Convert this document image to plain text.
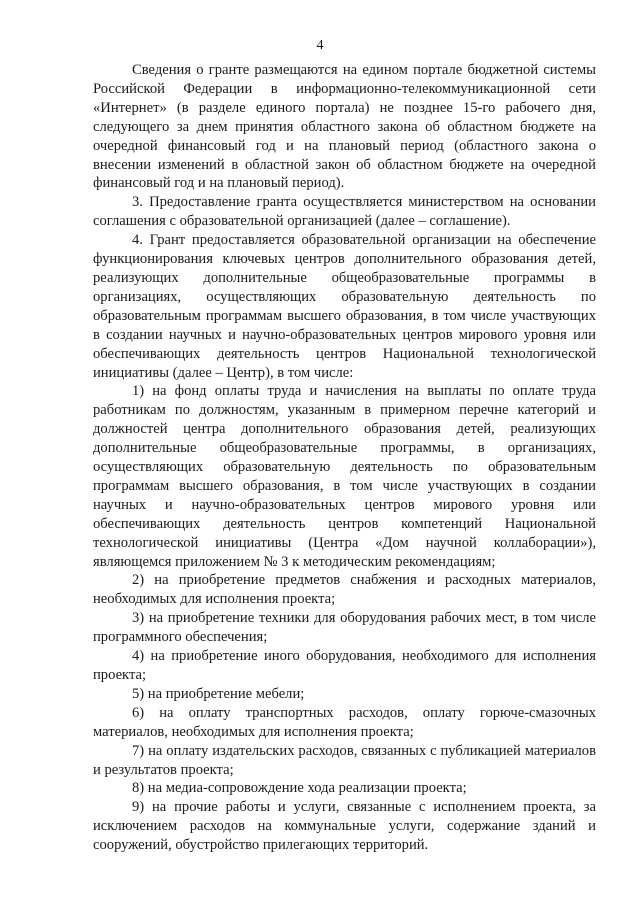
4

Сведения о гранте размещаются на едином портале бюджетной системы Российской Федерации в информационно-телекоммуникационной сети «Интернет» (в разделе единого портала) не позднее 15-го рабочего дня, следующего за днем принятия областного закона об областном бюджете на очередной финансовый год и на плановый период (областного закона о внесении изменений в областной закон об областном бюджете на очередной финансовый год и на плановый период).

3. Предоставление гранта осуществляется министерством на основании соглашения с образовательной организацией (далее – соглашение).

4. Грант предоставляется образовательной организации на обеспечение функционирования ключевых центров дополнительного образования детей, реализующих дополнительные общеобразовательные программы в организациях, осуществляющих образовательную деятельность по образовательным программам высшего образования, в том числе участвующих в создании научных и научно-образовательных центров мирового уровня или обеспечивающих деятельность центров Национальной технологической инициативы (далее – Центр), в том числе:

1) на фонд оплаты труда и начисления на выплаты по оплате труда работникам по должностям, указанным в примерном перечне категорий и должностей центра дополнительного образования детей, реализующих дополнительные общеобразовательные программы, в организациях, осуществляющих образовательную деятельность по образовательным программам высшего образования, в том числе участвующих в создании научных и научно-образовательных центров мирового уровня или обеспечивающих деятельность центров компетенций Национальной технологической инициативы (Центра «Дом научной коллаборации»), являющемся приложением № 3 к методическим рекомендациям;

2) на приобретение предметов снабжения и расходных материалов, необходимых для исполнения проекта;

3) на приобретение техники для оборудования рабочих мест, в том числе программного обеспечения;

4) на приобретение иного оборудования, необходимого для исполнения проекта;

5) на приобретение мебели;

6) на оплату транспортных расходов, оплату горюче-смазочных материалов, необходимых для исполнения проекта;

7) на оплату издательских расходов, связанных с публикацией материалов и результатов проекта;

8) на медиа-сопровождение хода реализации проекта;

9) на прочие работы и услуги, связанные с исполнением проекта, за исключением расходов на коммунальные услуги, содержание зданий и сооружений, обустройство прилегающих территорий.
